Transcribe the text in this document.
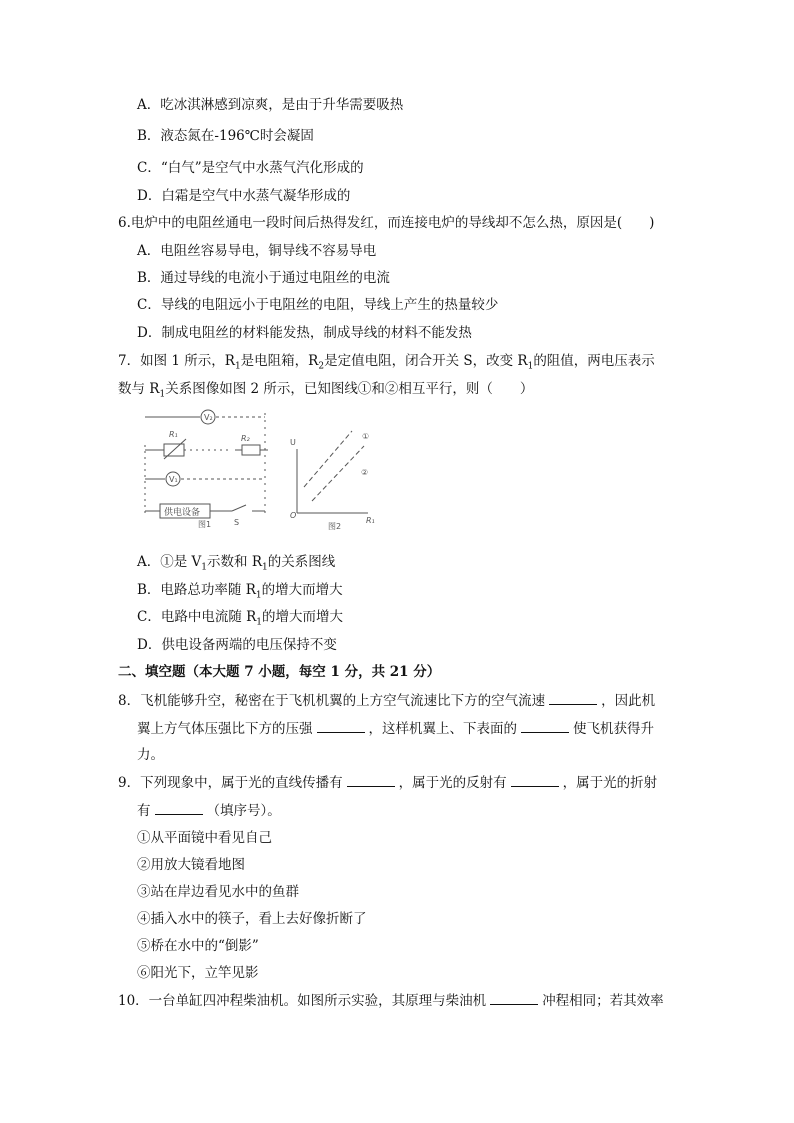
A．吃冰淇淋感到凉爽，是由于升华需要吸热
B．液态氮在-196℃时会凝固
C．“白气”是空气中水蒸气汽化形成的
D．白霜是空气中水蒸气凝华形成的
6.电炉中的电阻丝通电一段时间后热得发红，而连接电炉的导线却不怎么热，原因是(　　)
A．电阻丝容易导电，铜导线不容易导电
B．通过导线的电流小于通过电阻丝的电流
C．导线的电阻远小于电阻丝的电阻，导线上产生的热量较少
D．制成电阻丝的材料能发热，制成导线的材料不能发热
7．如图 1 所示，$R_1$是电阻箱，$R_2$是定值电阻，闭合开关 S，改变 $R_1$的阻值，两电压表示
数与 $R_1$关系图像如图 2 所示，已知图线①和②相互平行，则（　　）
V₂
R₁	R₂
V₁
供电设备
S
图1
U
O
①
②
图2
R₁
A．①是 $V_1$示数和 $R_1$的关系图线
B．电路总功率随 $R_1$的增大而增大
C．电路中电流随 $R_1$的增大而增大
D．供电设备两端的电压保持不变
二、填空题（本大题 7 小题，每空 1 分，共 21 分）
8．飞机能够升空，秘密在于飞机机翼的上方空气流速比下方的空气流速	，因此机
翼上方气体压强比下方的压强	，这样机翼上、下表面的	使飞机获得升
力。
9．下列现象中，属于光的直线传播有	，属于光的反射有	，属于光的折射
有	（填序号）。
①从平面镜中看见自己
②用放大镜看地图
③站在岸边看见水中的鱼群
④插入水中的筷子，看上去好像折断了
⑤桥在水中的“倒影”
⑥阳光下，立竿见影
10．一台单缸四冲程柴油机。如图所示实验，其原理与柴油机	冲程相同；若其效率
